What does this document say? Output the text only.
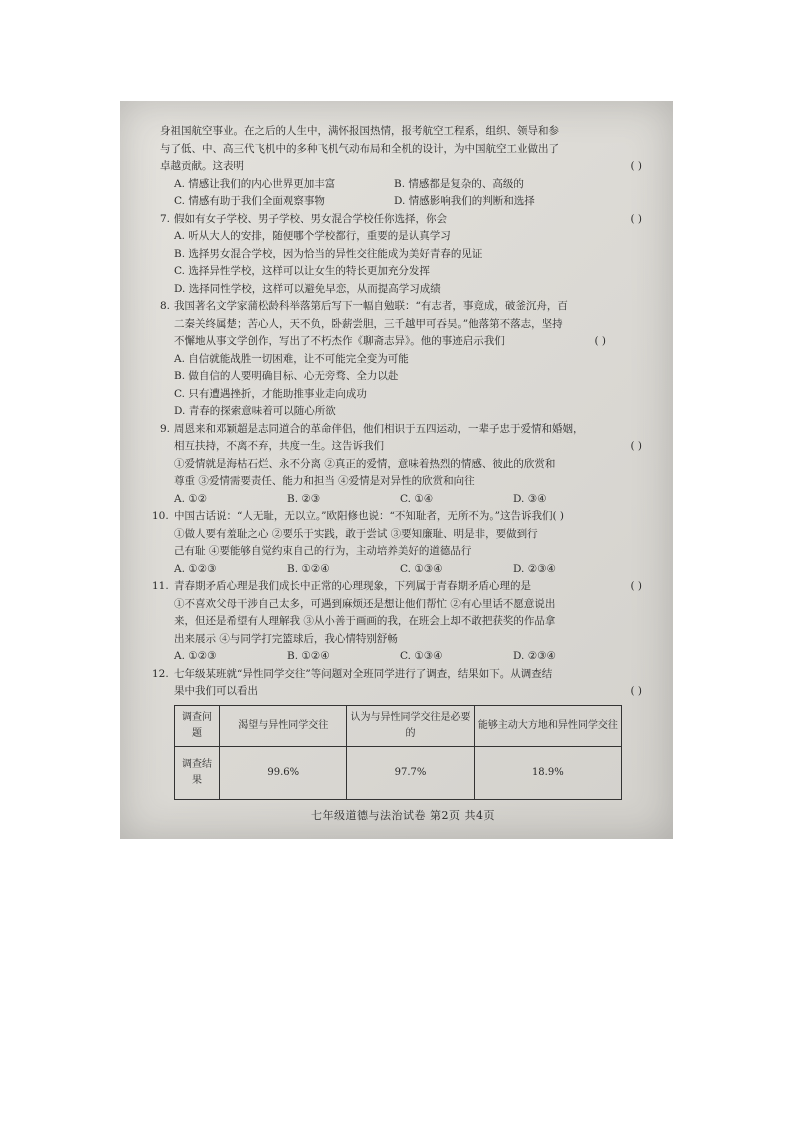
身祖国航空事业。在之后的人生中，满怀报国热情，报考航空工程系，组织、领导和参

与了低、中、高三代飞机中的多种飞机气动布局和全机的设计，为中国航空工业做出了

卓越贡献。这表明	( )

A. 情感让我们的内心世界更加丰富	B. 情感都是复杂的、高级的
C. 情感有助于我们全面观察事物	D. 情感影响我们的判断和选择

7. 假如有女子学校、男子学校、男女混合学校任你选择，你会	( )

A. 听从大人的安排，随便哪个学校都行，重要的是认真学习

B. 选择男女混合学校，因为恰当的异性交往能成为美好青春的见证

C. 选择异性学校，这样可以让女生的特长更加充分发挥

D. 选择同性学校，这样可以避免早恋，从而提高学习成绩

8. 我国著名文学家蒲松龄科举落第后写下一幅自勉联：“有志者，事竟成，破釜沉舟，百

二秦关终属楚；苦心人，天不负，卧薪尝胆，三千越甲可吞吴。”他落第不落志，坚持

不懈地从事文学创作，写出了不朽杰作《聊斋志异》。他的事迹启示我们	( )

A. 自信就能战胜一切困难，让不可能完全变为可能

B. 做自信的人要明确目标、心无旁骛、全力以赴

C. 只有遭遇挫折，才能助推事业走向成功

D. 青春的探索意味着可以随心所欲

9. 周恩来和邓颖超是志同道合的革命伴侣，他们相识于五四运动，一辈子忠于爱情和婚姻，

相互扶持，不离不弃，共度一生。这告诉我们	( )

①爱情就是海枯石烂、永不分离 ②真正的爱情，意味着热烈的情感、彼此的欣赏和

尊重 ③爱情需要责任、能力和担当 ④爱情是对异性的欣赏和向往

A. ①②	B. ②③	C. ①④	D. ③④

10. 中国古话说：“人无耻，无以立。”欧阳修也说：“不知耻者，无所不为。”这告诉我们( )

①做人要有羞耻之心 ②要乐于实践，敢于尝试 ③要知廉耻、明是非，要做到行

己有耻 ④要能够自觉约束自己的行为，主动培养美好的道德品行

A. ①②③	B. ①②④	C. ①③④	D. ②③④

11. 青春期矛盾心理是我们成长中正常的心理现象，下列属于青春期矛盾心理的是	( )

①不喜欢父母干涉自己太多，可遇到麻烦还是想让他们帮忙 ②有心里话不愿意说出

来，但还是希望有人理解我 ③从小善于画画的我，在班会上却不敢把获奖的作品拿

出来展示 ④与同学打完篮球后，我心情特别舒畅

A. ①②③	B. ①②④	C. ①③④	D. ②③④

12. 七年级某班就“异性同学交往”等问题对全班同学进行了调查，结果如下。从调查结

果中我们可以看出	( )

调查问题	渴望与异性同学交往	认为与异性同学交往是必要的	能够主动大方地和异性同学交往
调查结果	99.6%	97.7%	18.9%
七年级道德与法治试卷 第2页 共4页
